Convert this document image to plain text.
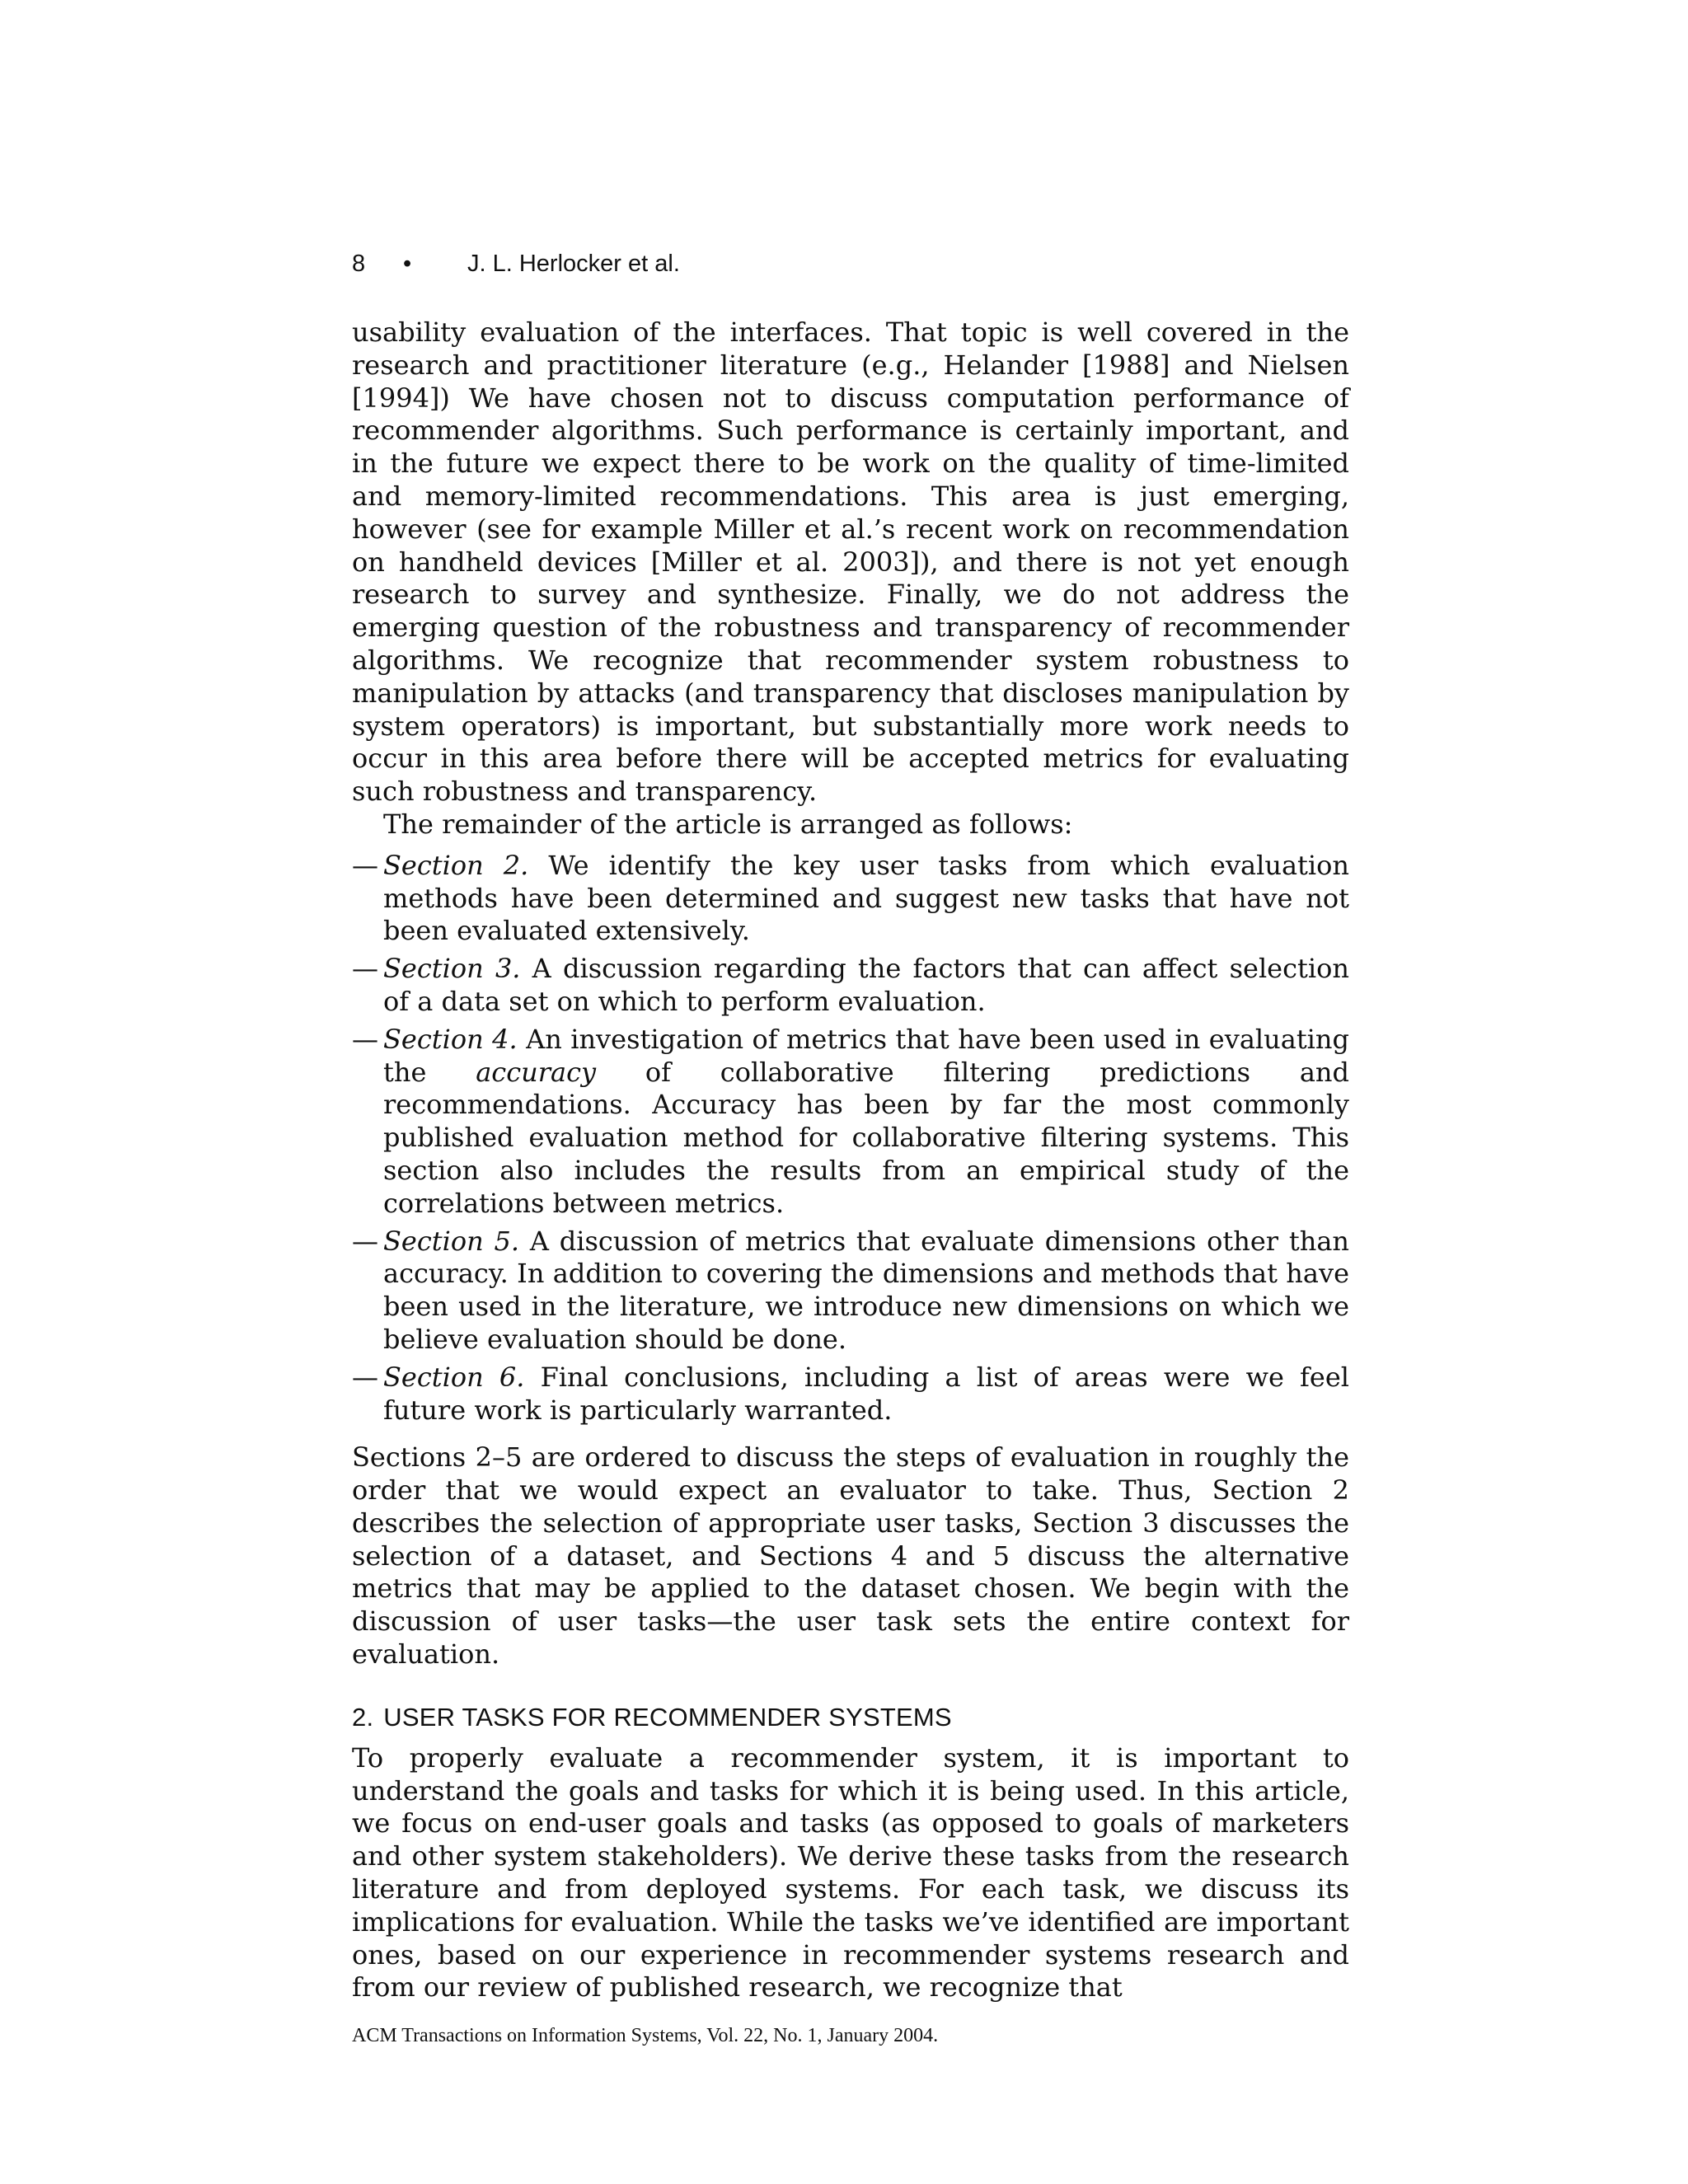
8 • J. L. Herlocker et al.

usability evaluation of the interfaces. That topic is well covered in the research and practitioner literature (e.g., Helander [1988] and Nielsen [1994]) We have chosen not to discuss computation performance of recommender algorithms. Such performance is certainly important, and in the future we expect there to be work on the quality of time-limited and memory-limited recommendations. This area is just emerging, however (see for example Miller et al.’s recent work on recommendation on handheld devices [Miller et al. 2003]), and there is not yet enough research to survey and synthesize. Finally, we do not address the emerging question of the robustness and transparency of recommender algorithms. We recognize that recommender system robustness to manipulation by attacks (and transparency that discloses manipulation by system operators) is important, but substantially more work needs to occur in this area before there will be accepted metrics for evaluating such robustness and transparency.

The remainder of the article is arranged as follows:

— Section 2. We identify the key user tasks from which evaluation methods have been determined and suggest new tasks that have not been evaluated extensively.
— Section 3. A discussion regarding the factors that can affect selection of a data set on which to perform evaluation.
— Section 4. An investigation of metrics that have been used in evaluating the accuracy of collaborative filtering predictions and recommendations. Accuracy has been by far the most commonly published evaluation method for collaborative filtering systems. This section also includes the results from an empirical study of the correlations between metrics.
— Section 5. A discussion of metrics that evaluate dimensions other than accuracy. In addition to covering the dimensions and methods that have been used in the literature, we introduce new dimensions on which we believe evaluation should be done.
— Section 6. Final conclusions, including a list of areas were we feel future work is particularly warranted.

Sections 2–5 are ordered to discuss the steps of evaluation in roughly the order that we would expect an evaluator to take. Thus, Section 2 describes the selection of appropriate user tasks, Section 3 discusses the selection of a dataset, and Sections 4 and 5 discuss the alternative metrics that may be applied to the dataset chosen. We begin with the discussion of user tasks—the user task sets the entire context for evaluation.

2. USER TASKS FOR RECOMMENDER SYSTEMS

To properly evaluate a recommender system, it is important to understand the goals and tasks for which it is being used. In this article, we focus on end-user goals and tasks (as opposed to goals of marketers and other system stakeholders). We derive these tasks from the research literature and from deployed systems. For each task, we discuss its implications for evaluation. While the tasks we’ve identified are important ones, based on our experience in recommender systems research and from our review of published research, we recognize that

ACM Transactions on Information Systems, Vol. 22, No. 1, January 2004.
